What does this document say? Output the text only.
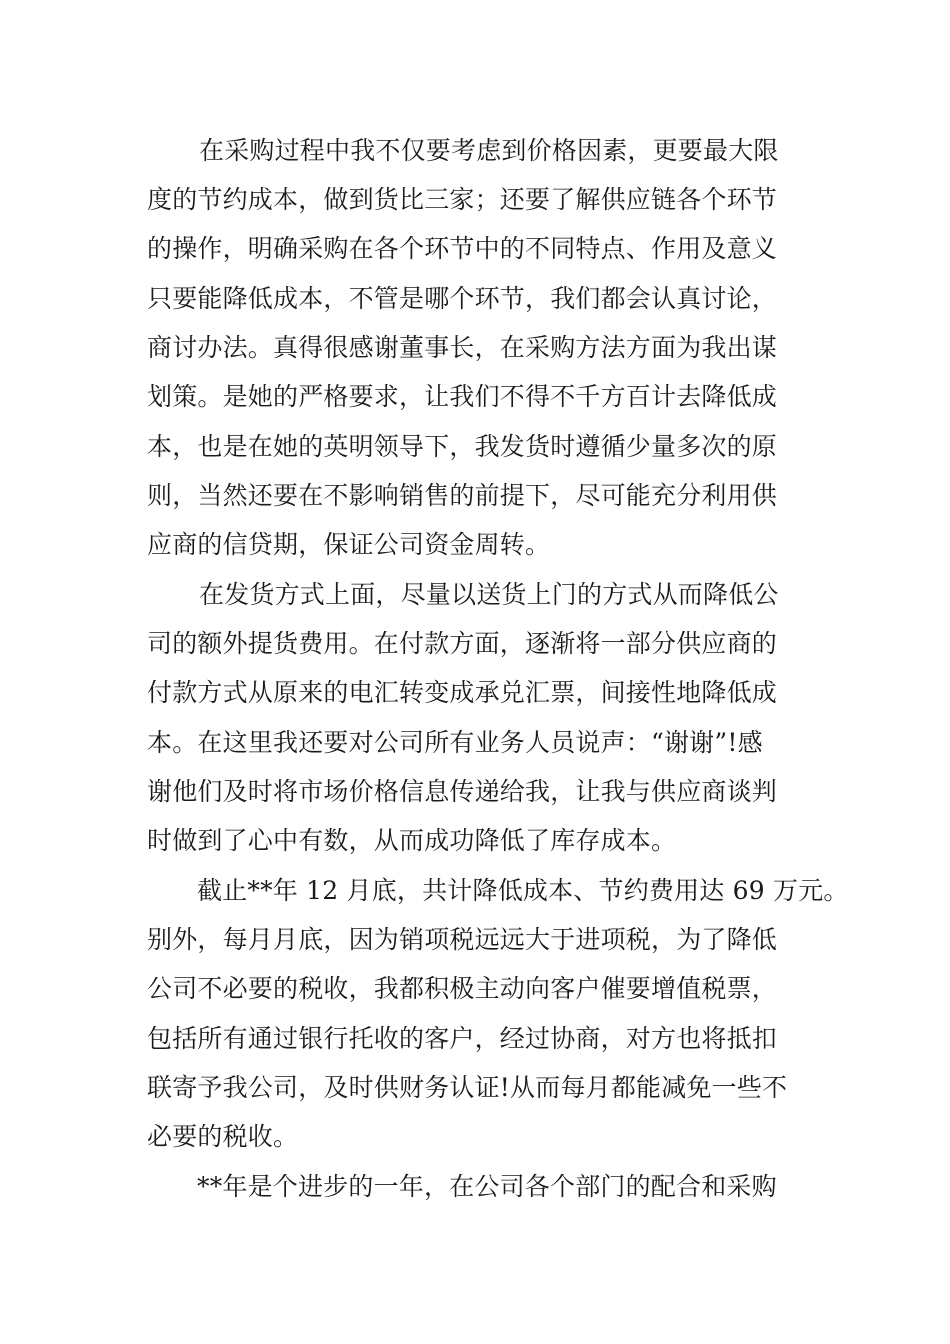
在采购过程中我不仅要考虑到价格因素，更要最大限
度的节约成本，做到货比三家；还要了解供应链各个环节
的操作，明确采购在各个环节中的不同特点、作用及意义
只要能降低成本，不管是哪个环节，我们都会认真讨论，
商讨办法。真得很感谢董事长，在采购方法方面为我出谋
划策。是她的严格要求，让我们不得不千方百计去降低成
本，也是在她的英明领导下，我发货时遵循少量多次的原
则，当然还要在不影响销售的前提下，尽可能充分利用供
应商的信贷期，保证公司资金周转。
在发货方式上面，尽量以送货上门的方式从而降低公
司的额外提货费用。在付款方面，逐渐将一部分供应商的
付款方式从原来的电汇转变成承兑汇票，间接性地降低成
本。在这里我还要对公司所有业务人员说声：“谢谢”!感
谢他们及时将市场价格信息传递给我，让我与供应商谈判
时做到了心中有数，从而成功降低了库存成本。
截止**年 12 月底，共计降低成本、节约费用达 69 万元。
别外，每月月底，因为销项税远远大于进项税，为了降低
公司不必要的税收，我都积极主动向客户催要增值税票，
包括所有通过银行托收的客户，经过协商，对方也将抵扣
联寄予我公司，及时供财务认证!从而每月都能减免一些不
必要的税收。
**年是个进步的一年，在公司各个部门的配合和采购
